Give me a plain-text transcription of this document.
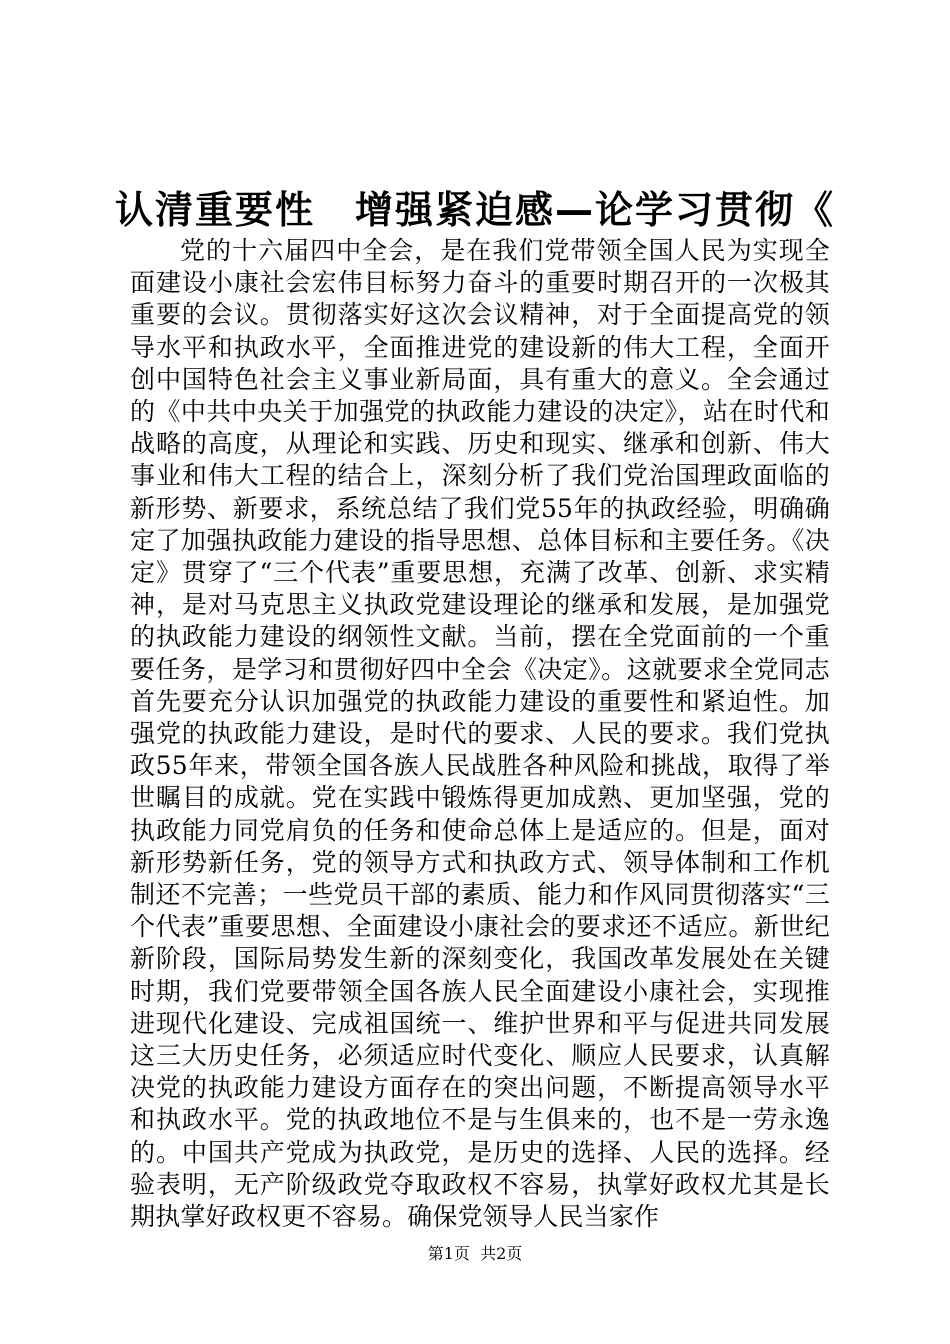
认清重要性　增强紧迫感—论学习贯彻《

党的十六届四中全会，是在我们党带领全国人民为实现全面建设小康社会宏伟目标努力奋斗的重要时期召开的一次极其重要的会议。贯彻落实好这次会议精神，对于全面提高党的领导水平和执政水平，全面推进党的建设新的伟大工程，全面开创中国特色社会主义事业新局面，具有重大的意义。全会通过的《中共中央关于加强党的执政能力建设的决定》，站在时代和战略的高度，从理论和实践、历史和现实、继承和创新、伟大事业和伟大工程的结合上，深刻分析了我们党治国理政面临的新形势、新要求，系统总结了我们党55年的执政经验，明确确定了加强执政能力建设的指导思想、总体目标和主要任务。《决定》贯穿了“三个代表”重要思想，充满了改革、创新、求实精神，是对马克思主义执政党建设理论的继承和发展，是加强党的执政能力建设的纲领性文献。当前，摆在全党面前的一个重要任务，是学习和贯彻好四中全会《决定》。这就要求全党同志首先要充分认识加强党的执政能力建设的重要性和紧迫性。加强党的执政能力建设，是时代的要求、人民的要求。我们党执政55年来，带领全国各族人民战胜各种风险和挑战，取得了举世瞩目的成就。党在实践中锻炼得更加成熟、更加坚强，党的执政能力同党肩负的任务和使命总体上是适应的。但是，面对新形势新任务，党的领导方式和执政方式、领导体制和工作机制还不完善；一些党员干部的素质、能力和作风同贯彻落实“三个代表”重要思想、全面建设小康社会的要求还不适应。新世纪新阶段，国际局势发生新的深刻变化，我国改革发展处在关键时期，我们党要带领全国各族人民全面建设小康社会，实现推进现代化建设、完成祖国统一、维护世界和平与促进共同发展这三大历史任务，必须适应时代变化、顺应人民要求，认真解决党的执政能力建设方面存在的突出问题，不断提高领导水平和执政水平。党的执政地位不是与生俱来的，也不是一劳永逸的。中国共产党成为执政党，是历史的选择、人民的选择。经验表明，无产阶级政党夺取政权不容易，执掌好政权尤其是长期执掌好政权更不容易。确保党领导人民当家作

第1页  共2页
